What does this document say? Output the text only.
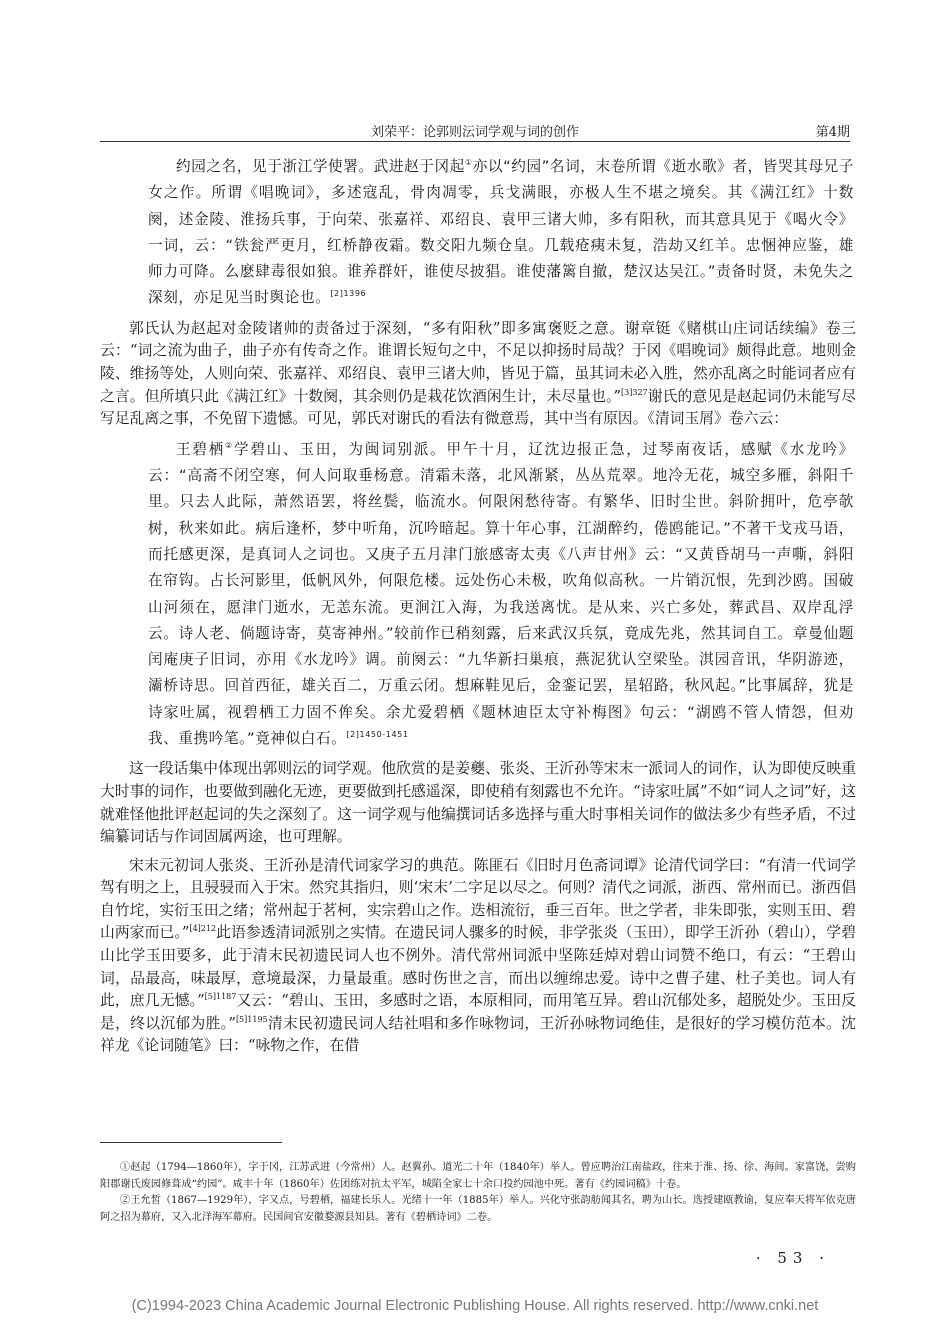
刘荣平：论郭则沄词学观与词的创作	第4期

约园之名，见于浙江学使署。武进赵于冈起①亦以“约园”名词，末卷所谓《逝水歌》者，皆哭其母兄子女之作。所谓《唱晚词》，多述寇乱，骨肉凋零，兵戈满眼，亦极人生不堪之境矣。其《满江红》十数阕，述金陵、淮扬兵事，于向荣、张嘉祥、邓绍良、袁甲三诸大帅，多有阳秋，而其意具见于《喝火令》一词，云：“铁瓮严更月，红桥静夜霜。数交阳九频仓皇。几载疮痍未复，浩劫又红羊。忠悃神应鉴，雄师力可降。么麽肆毒很如狼。谁养群奸，谁使尽披猖。谁使藩篱自撤，楚汉达吴江。”责备时贤，未免失之深刻，亦足见当时舆论也。$^{[2]1396}$

郭氏认为赵起对金陵诸帅的责备过于深刻，“多有阳秋”即多寓褒贬之意。谢章铤《赌棋山庄词话续编》卷三云：“词之流为曲子，曲子亦有传奇之作。谁谓长短句之中，不足以抑扬时局哉？于冈《唱晚词》颇得此意。地则金陵、维扬等处，人则向荣、张嘉祥、邓绍良、袁甲三诸大帅，皆见于篇，虽其词未必入胜，然亦乱离之时能词者应有之言。但所填只此《满江红》十数阕，其余则仍是栽花饮酒闲生计，未尽量也。”$^{[3]327}$谢氏的意见是赵起词仍未能写尽写足乱离之事，不免留下遗憾。可见，郭氏对谢氏的看法有微意焉，其中当有原因。《清词玉屑》卷六云：

王碧栖②学碧山、玉田，为闽词别派。甲午十月，辽沈边报正急，过琴南夜话，感赋《水龙吟》云：“高斋不闭空寒，何人问取垂杨意。清霜未落，北风渐紧，丛丛荒翠。地冷无花，城空多雁，斜阳千里。只去人此际，萧然语罢，将丝鬓，临流水。何限闲愁待寄。有繁华、旧时尘世。斜阶拥叶，危亭欹树，秋来如此。病后逢杯，梦中听角，沉吟暗起。算十年心事，江湖醉约，倦鸥能记。”不著干戈戎马语，而托感更深，是真词人之词也。又庚子五月津门旅感寄太夷《八声甘州》云：“又黄昏胡马一声嘶，斜阳在帘钩。占长河影里，低帆风外，何限危楼。远处伤心未极，吹角似高秋。一片销沉恨，先到沙鸥。国破山河须在，愿津门逝水，无恙东流。更涧江入海，为我送离忧。是从来、兴亡多处，葬武昌、双岸乱浮云。诗人老、倘题诗寄，莫寄神州。”较前作已稍刻露，后来武汉兵氛，竟成先兆，然其词自工。章曼仙题闰庵庚子旧词，亦用《水龙吟》调。前阕云：“九华新扫巢痕，燕泥犹认空梁坠。淇园音讯，华阴游迹，灞桥诗思。回首西征，雄关百二，万重云闭。想麻鞋见后，金銮记罢，星轺路，秋风起。”比事属辞，犹是诗家吐属，视碧栖工力固不侔矣。余尤爱碧栖《题林迪臣太守补梅图》句云：“湖鸥不管人情怨，但劝我、重携吟笔。”竟神似白石。$^{[2]1450-1451}$

这一段话集中体现出郭则沄的词学观。他欣赏的是姜夔、张炎、王沂孙等宋末一派词人的词作，认为即使反映重大时事的词作，也要做到融化无迹，更要做到托感遥深，即使稍有刻露也不允许。“诗家吐属”不如“词人之词”好，这就难怪他批评赵起词的失之深刻了。这一词学观与他编撰词话多选择与重大时事相关词作的做法多少有些矛盾，不过编纂词话与作词固属两途，也可理解。

宋末元初词人张炎、王沂孙是清代词家学习的典范。陈匪石《旧时月色斋词谭》论清代词学曰：“有清一代词学驾有明之上，且骎骎而入于宋。然究其指归，则‘宋末’二字足以尽之。何则？清代之词派，浙西、常州而已。浙西倡自竹垞，实衍玉田之绪；常州起于茗柯，实宗碧山之作。迭相流衍，垂三百年。世之学者，非朱即张，实则玉田、碧山两家而已。”$^{[4]212}$此语参透清词派别之实情。在遗民词人骤多的时候，非学张炎（玉田），即学王沂孙（碧山），学碧山比学玉田要多，此于清末民初遗民词人也不例外。清代常州词派中坚陈廷焯对碧山词赞不绝口，有云：“王碧山词，品最高，味最厚，意境最深，力量最重。感时伤世之言，而出以缠绵忠爱。诗中之曹子建、杜子美也。词人有此，庶几无憾。”$^{[5]1187}$又云：“碧山、玉田，多感时之语，本原相同，而用笔互异。碧山沉郁处多，超脱处少。玉田反是，终以沉郁为胜。”$^{[5]1195}$清末民初遗民词人结社唱和多作咏物词，王沂孙咏物词绝佳，是很好的学习模仿范本。沈祥龙《论词随笔》曰：“咏物之作，在借

①赵起（1794—1860年），字于冈，江苏武进（今常州）人。赵翼孙。道光二十年（1840年）举人。曾应聘治江南盐政，往来于淮、扬、徐、海间。家富饶，尝购阳郡谢氏废园修葺成“约园”。咸丰十年（1860年）佐团练对抗太平军，城陷全家七十余口投约园池中死。著有《约园词稿》十卷。

②王允皙（1867—1929年），字又点，号碧栖，福建长乐人。光绪十一年（1885年）举人。兴化守张韵舫闻其名，聘为山长。选授建瓯教谕，复应奉天将军依克唐阿之招为幕府，又入北洋海军幕府。民国间官安徽婺源县知县。著有《碧栖诗词》二卷。

· 53 ·
(C)1994-2023 China Academic Journal Electronic Publishing House. All rights reserved. http://www.cnki.net
